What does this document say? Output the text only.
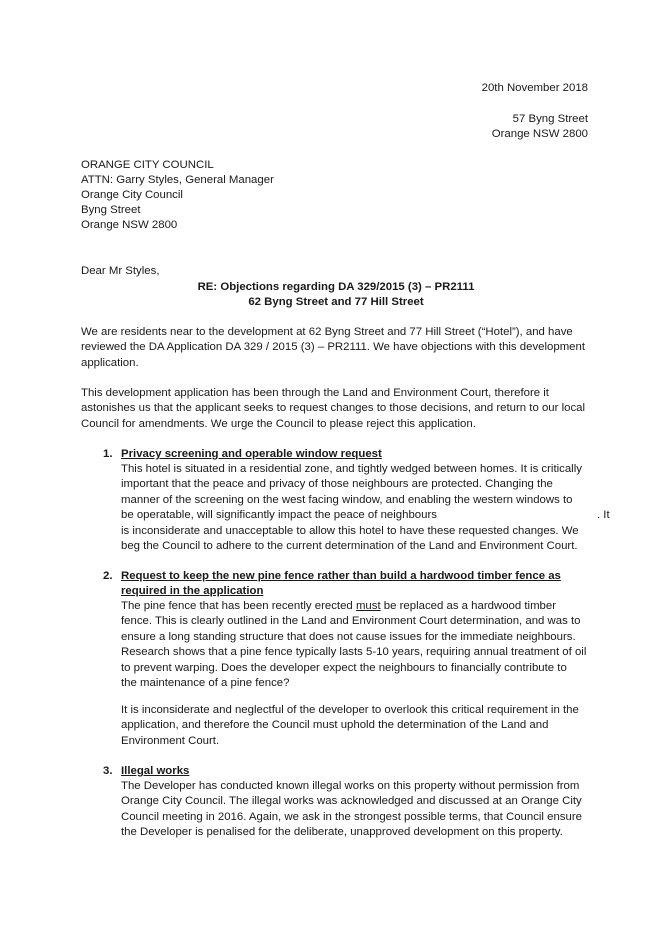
20th November 2018
57 Byng Street
Orange NSW 2800
ORANGE CITY COUNCIL
ATTN: Garry Styles, General Manager
Orange City Council
Byng Street
Orange NSW 2800
Dear Mr Styles,
RE: Objections regarding DA 329/2015 (3) – PR2111
62 Byng Street and 77 Hill Street
We are residents near to the development at 62 Byng Street and 77 Hill Street (“Hotel”), and have
reviewed the DA Application DA 329 / 2015 (3) – PR2111. We have objections with this development
application.
This development application has been through the Land and Environment Court, therefore it
astonishes us that the applicant seeks to request changes to those decisions, and return to our local
Council for amendments. We urge the Council to please reject this application.
1. Privacy screening and operable window request
This hotel is situated in a residential zone, and tightly wedged between homes. It is critically
important that the peace and privacy of those neighbours are protected. Changing the
manner of the screening on the west facing window, and enabling the western windows to
be operatable, will significantly impact the peace of neighbours	. It
is inconsiderate and unacceptable to allow this hotel to have these requested changes. We
beg the Council to adhere to the current determination of the Land and Environment Court.
2. Request to keep the new pine fence rather than build a hardwood timber fence as
required in the application
The pine fence that has been recently erected must be replaced as a hardwood timber
fence. This is clearly outlined in the Land and Environment Court determination, and was to
ensure a long standing structure that does not cause issues for the immediate neighbours.
Research shows that a pine fence typically lasts 5-10 years, requiring annual treatment of oil
to prevent warping. Does the developer expect the neighbours to financially contribute to
the maintenance of a pine fence?
It is inconsiderate and neglectful of the developer to overlook this critical requirement in the
application, and therefore the Council must uphold the determination of the Land and
Environment Court.
3. Illegal works
The Developer has conducted known illegal works on this property without permission from
Orange City Council. The illegal works was acknowledged and discussed at an Orange City
Council meeting in 2016. Again, we ask in the strongest possible terms, that Council ensure
the Developer is penalised for the deliberate, unapproved development on this property.
